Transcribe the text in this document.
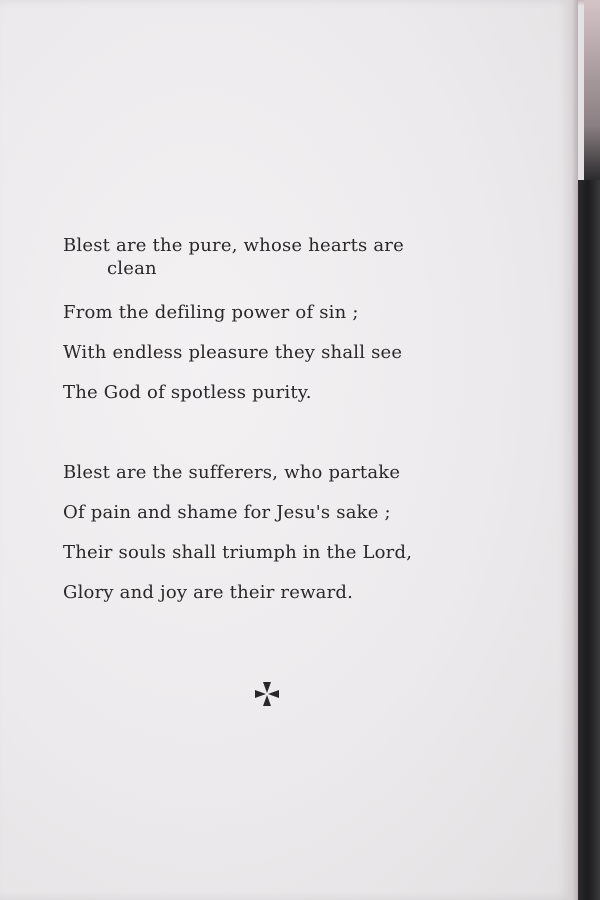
Blest are the pure, whose hearts are
clean
From the defiling power of sin ;
With endless pleasure they shall see
The God of spotless purity.
Blest are the sufferers, who partake
Of pain and shame for Jesu's sake ;
Their souls shall triumph in the Lord,
Glory and joy are their reward.
